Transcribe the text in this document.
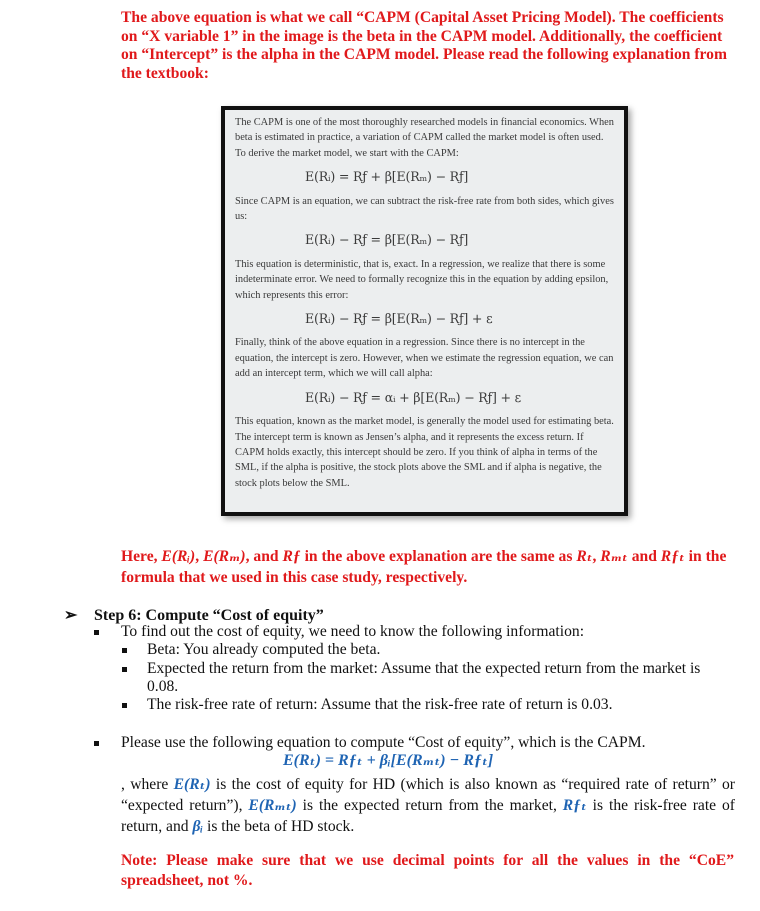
The above equation is what we call “CAPM (Capital Asset Pricing Model). The coefficients on “X variable 1” in the image is the beta in the CAPM model. Additionally, the coefficient on “Intercept” is the alpha in the CAPM model. Please read the following explanation from the textbook:

The CAPM is one of the most thoroughly researched models in financial economics. When beta is estimated in practice, a variation of CAPM called the market model is often used. To derive the market model, we start with the CAPM:

E(Rᵢ) = Rƒ + β[E(Rₘ) − Rƒ]

Since CAPM is an equation, we can subtract the risk-free rate from both sides, which gives us:

E(Rᵢ) − Rƒ = β[E(Rₘ) − Rƒ]

This equation is deterministic, that is, exact. In a regression, we realize that there is some indeterminate error. We need to formally recognize this in the equation by adding epsilon, which represents this error:

E(Rᵢ) − Rƒ = β[E(Rₘ) − Rƒ] + ε

Finally, think of the above equation in a regression. Since there is no intercept in the equation, the intercept is zero. However, when we estimate the regression equation, we can add an intercept term, which we will call alpha:

E(Rᵢ) − Rƒ = αᵢ + β[E(Rₘ) − Rƒ] + ε

This equation, known as the market model, is generally the model used for estimating beta. The intercept term is known as Jensen’s alpha, and it represents the excess return. If CAPM holds exactly, this intercept should be zero. If you think of alpha in terms of the SML, if the alpha is positive, the stock plots above the SML and if alpha is negative, the stock plots below the SML.

Here, E(Rᵢ), E(Rₘ), and Rƒ in the above explanation are the same as Rₜ, Rₘₜ and Rƒₜ in the formula that we used in this case study, respectively.
➢ Step 6: Compute “Cost of equity”
To find out the cost of equity, we need to know the following information:
Beta: You already computed the beta.
Expected the return from the market: Assume that the expected return from the market is
0.08.
The risk-free rate of return: Assume that the risk-free rate of return is 0.03.
Please use the following equation to compute “Cost of equity”, which is the CAPM.
E(Rₜ) = Rƒₜ + βᵢ[E(Rₘₜ) − Rƒₜ]
, where E(Rₜ) is the cost of equity for HD (which is also known as “required rate of return” or “expected return”), E(Rₘₜ) is the expected return from the market, Rƒₜ is the risk-free rate of return, and βᵢ is the beta of HD stock.
Note: Please make sure that we use decimal points for all the values in the “CoE” spreadsheet, not %.
